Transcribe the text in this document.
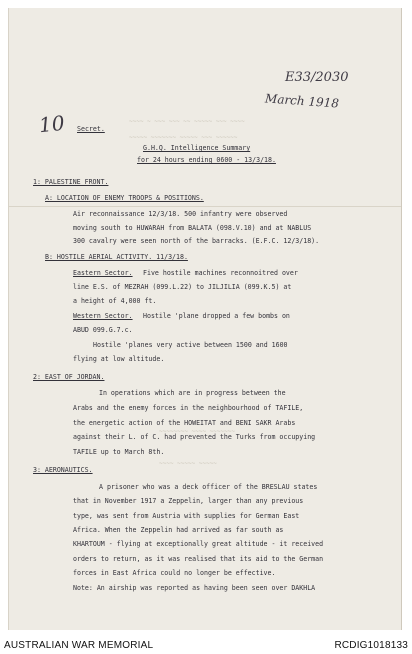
~~~~ ~ ~~~ ~~~ ~~ ~~~~~ ~~~ ~~~~
~~~~~ ~~~~~~~ ~~~~~ ~~~ ~~~~~~
~~~~~~~~ ~~~~ ~~~~~~~
~~~~ ~~~~~ ~~~~~
E33/2030
March 1918
10 Secret.
G.H.Q. Intelligence Summary
for 24 hours ending 0600 - 13/3/18.
1: PALESTINE FRONT.
A: LOCATION OF ENEMY TROOPS & POSITIONS.
Air reconnaissance 12/3/18. 500 infantry were observed
moving south to HUWARAH from BALATA (098.V.10) and at NABLUS
300 cavalry were seen north of the barracks. (E.F.C. 12/3/18).
B: HOSTILE AERIAL ACTIVITY. 11/3/18.
Eastern Sector. Five hostile machines reconnoitred over
line E.S. of MEZRAH (099.L.22) to JILJILIA (099.K.5) at
a height of 4,000 ft.
Western Sector. Hostile 'plane dropped a few bombs on
ABUD 099.G.7.c.
Hostile 'planes very active between 1500 and 1600
flying at low altitude.
2: EAST OF JORDAN.
In operations which are in progress between the
Arabs and the enemy forces in the neighbourhood of TAFILE,
the energetic action of the HOWEITAT and BENI SAKR Arabs
against their L. of C. had prevented the Turks from occupying
TAFILE up to March 8th.
3: AERONAUTICS.
A prisoner who was a deck officer of the BRESLAU states
that in November 1917 a Zeppelin, larger than any previous
type, was sent from Austria with supplies for German East
Africa. When the Zeppelin had arrived as far south as
KHARTOUM - flying at exceptionally great altitude - it received
orders to return, as it was realised that its aid to the German
forces in East Africa could no longer be effective.
Note: An airship was reported as having been seen over DAKHLA
AUSTRALIAN WAR MEMORIAL	RCDIG1018133
